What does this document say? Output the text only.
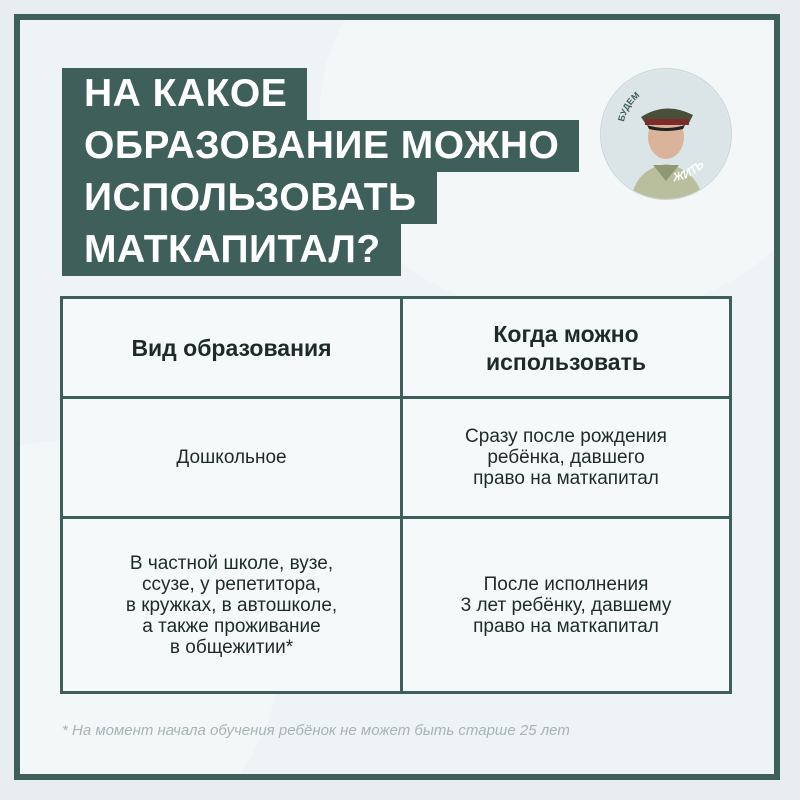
НА КАКОЕ
ОБРАЗОВАНИЕ МОЖНО
ИСПОЛЬЗОВАТЬ
МАТКАПИТАЛ?
БУДЕМ
ЖИТЬ
Вид образования
Когда можно
использовать
Дошкольное
Сразу после рождения
ребёнка, давшего
право на маткапитал
В частной школе, вузе,
ссузе, у репетитора,
в кружках, в автошколе,
а также проживание
в общежитии*
После исполнения
3 лет ребёнку, давшему
право на маткапитал
* На момент начала обучения ребёнок не может быть старше 25 лет
